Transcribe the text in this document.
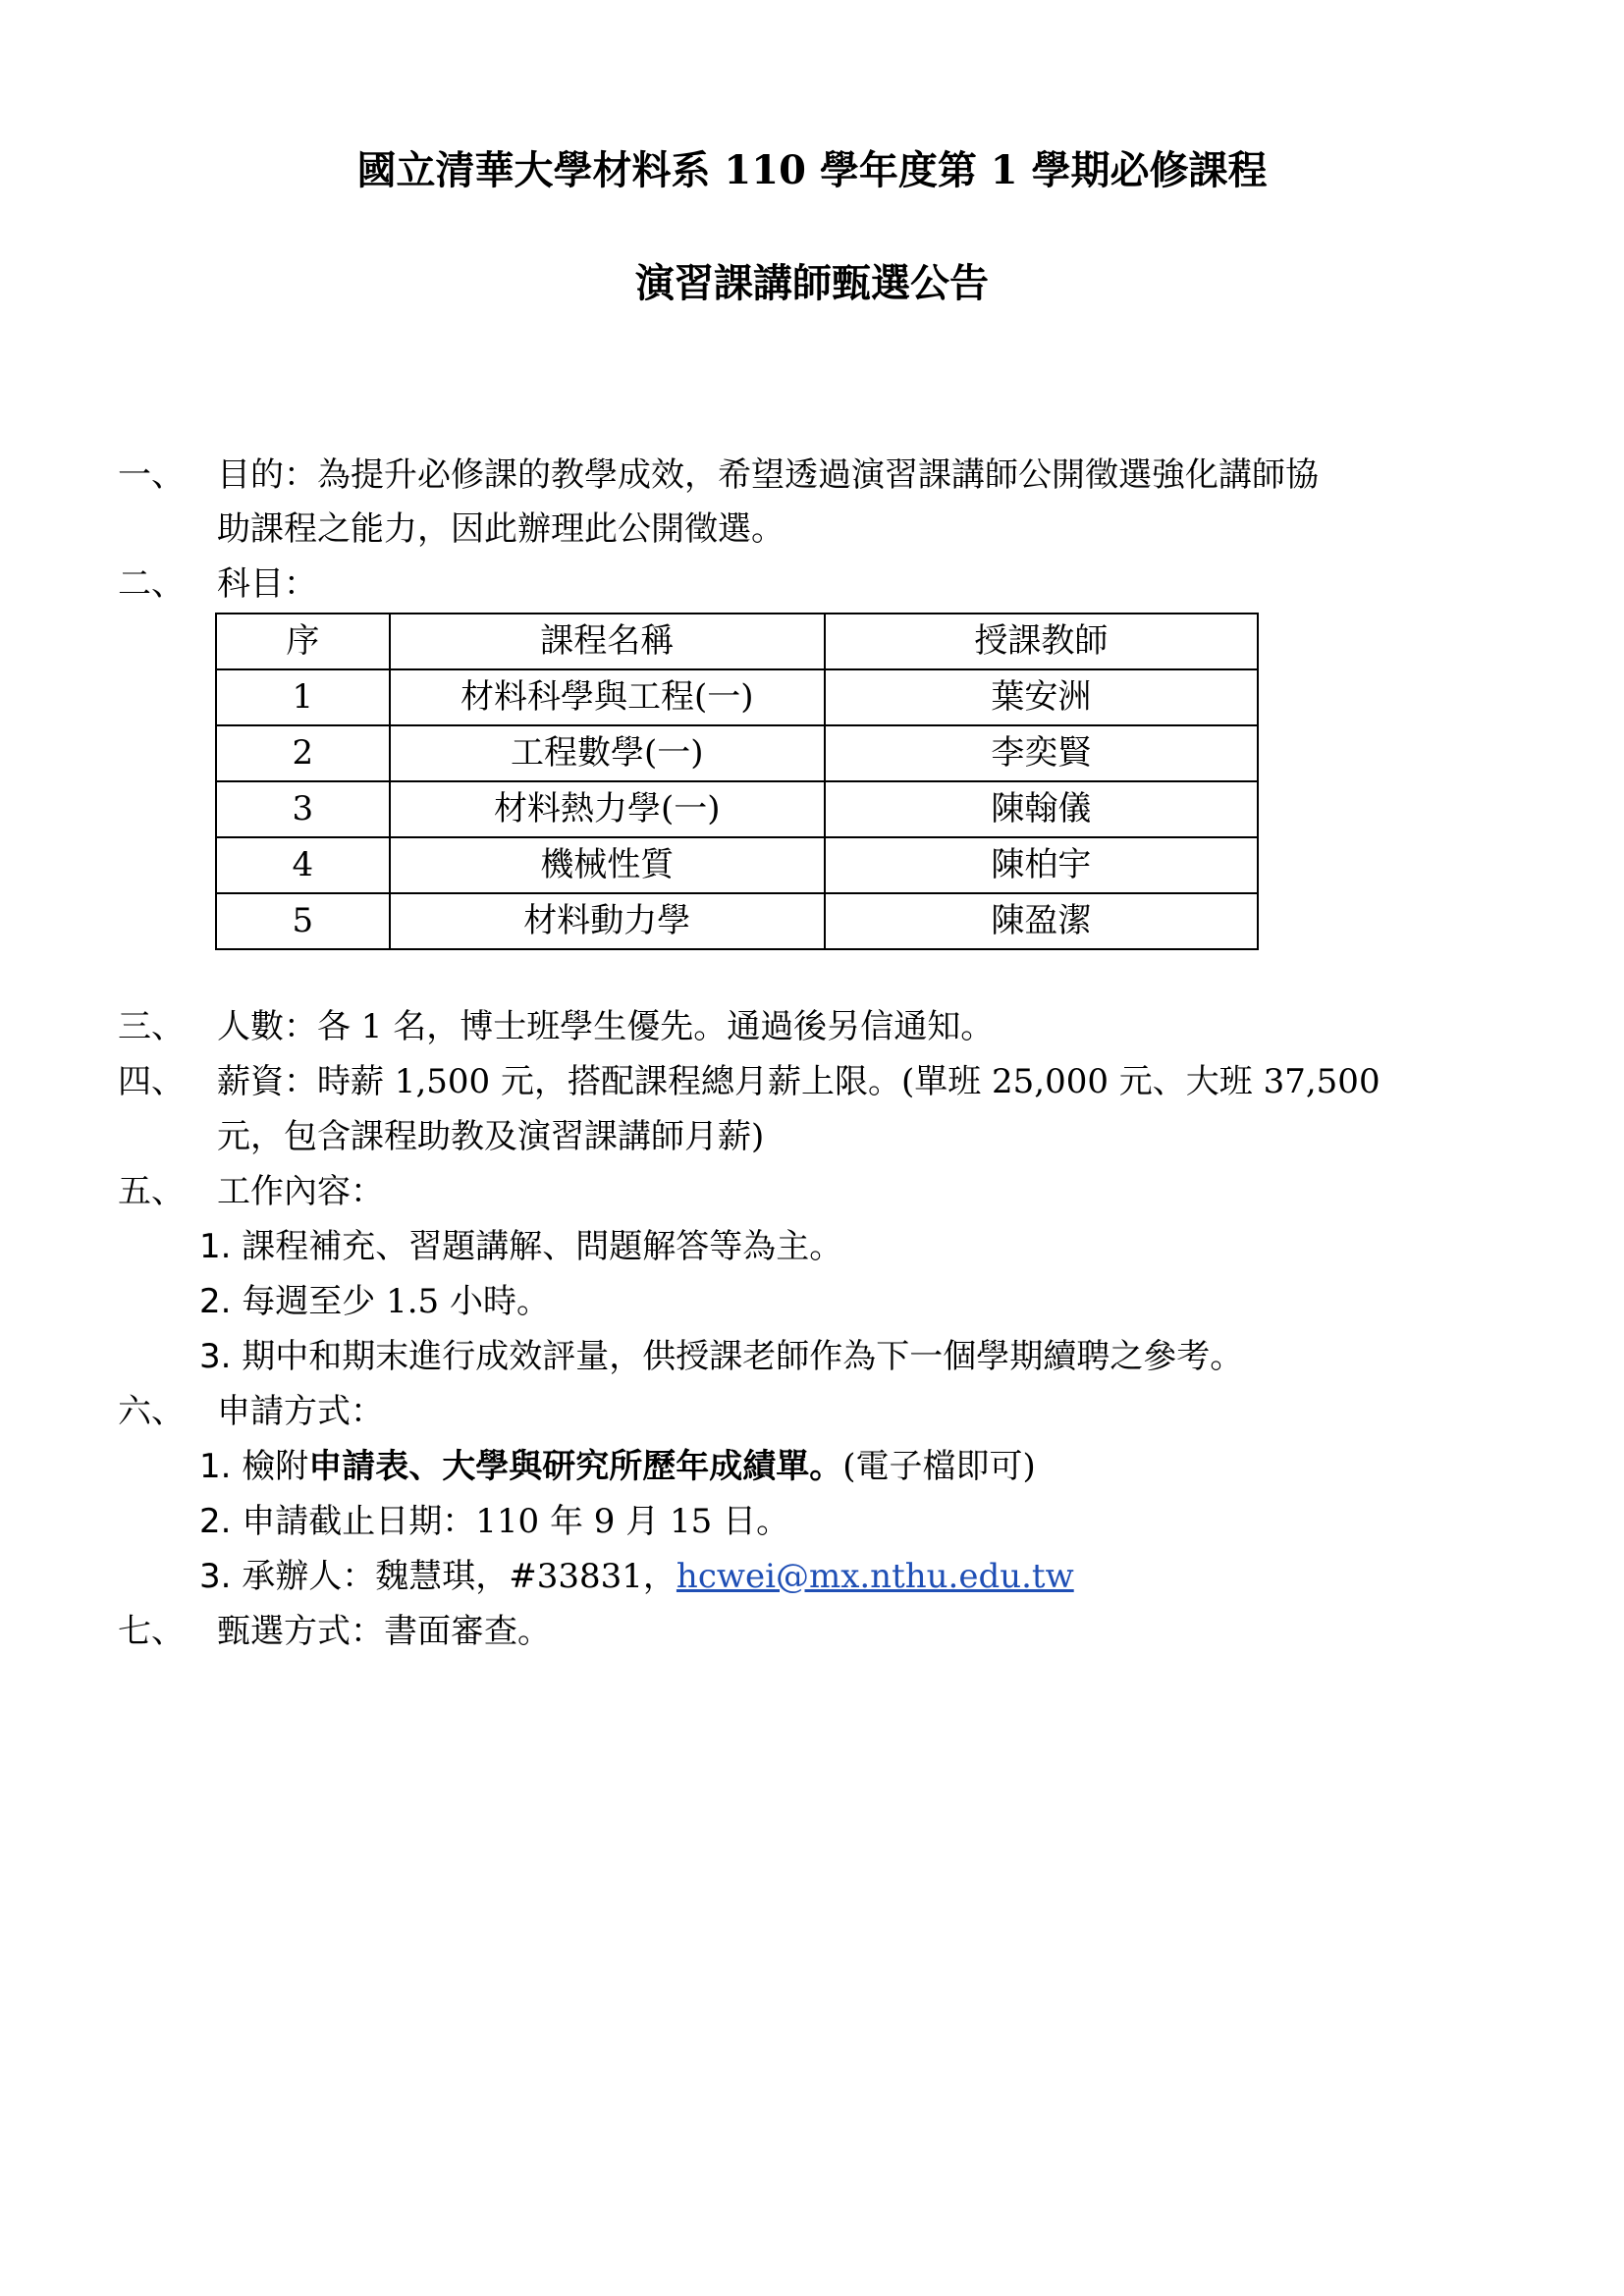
國立清華大學材料系 110 學年度第 1 學期必修課程
演習課講師甄選公告
一、 目的：為提升必修課的教學成效，希望透過演習課講師公開徵選強化講師協
助課程之能力，因此辦理此公開徵選。
二、 科目：
序	課程名稱	授課教師
1	材料科學與工程(一)	葉安洲
2	工程數學(一)	李奕賢
3	材料熱力學(一)	陳翰儀
4	機械性質	陳柏宇
5	材料動力學	陳盈潔
三、 人數：各 1 名，博士班學生優先。通過後另信通知。
四、 薪資：時薪 1,500 元，搭配課程總月薪上限。(單班 25,000 元、大班 37,500
元，包含課程助教及演習課講師月薪)
五、 工作內容：
1. 課程補充、習題講解、問題解答等為主。
2. 每週至少 1.5 小時。
3. 期中和期末進行成效評量，供授課老師作為下一個學期續聘之參考。
六、 申請方式：
1. 檢附申請表、大學與研究所歷年成績單。(電子檔即可)
2. 申請截止日期：110 年 9 月 15 日。
3. 承辦人：魏慧琪，#33831，hcwei@mx.nthu.edu.tw
七、 甄選方式：書面審查。
